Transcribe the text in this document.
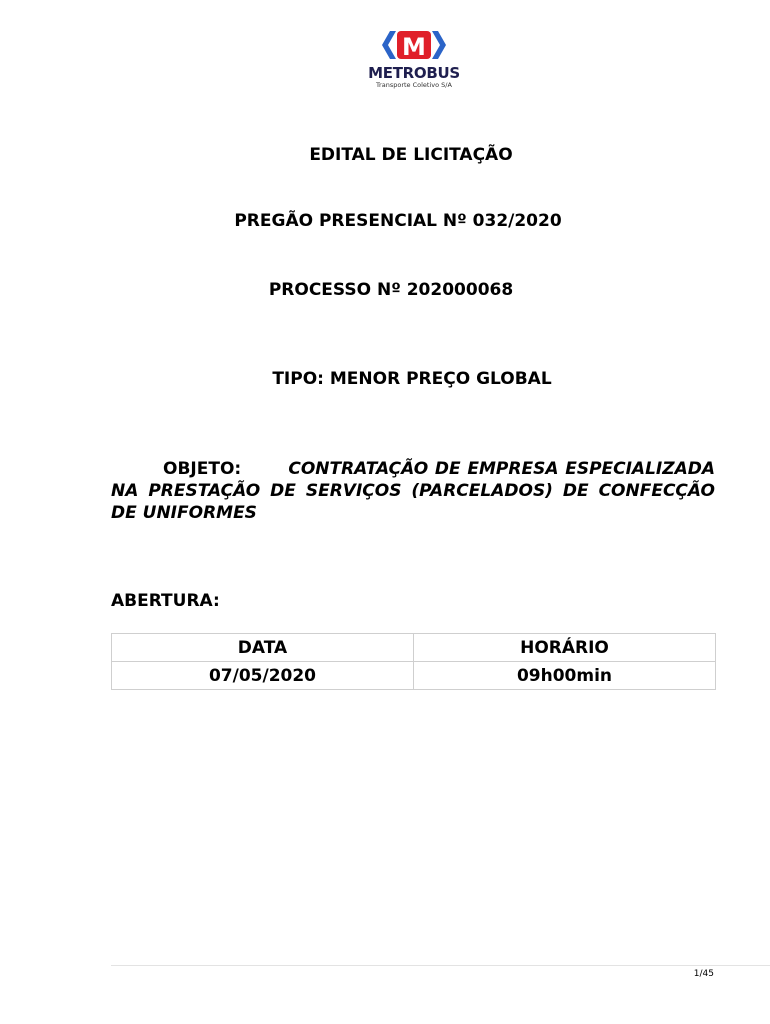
M
METROBUS
Transporte Coletivo S/A
EDITAL DE LICITAÇÃO
PREGÃO PRESENCIAL Nº 032/2020
PROCESSO Nº 202000068
TIPO: MENOR PREÇO GLOBAL
OBJETO:       CONTRATAÇÃO DE EMPRESA ESPECIALIZADA NA PRESTAÇÃO DE SERVIÇOS (PARCELADOS) DE CONFECÇÃO DE UNIFORMES
ABERTURA:
DATA	HORÁRIO
07/05/2020	09h00min
1/45
